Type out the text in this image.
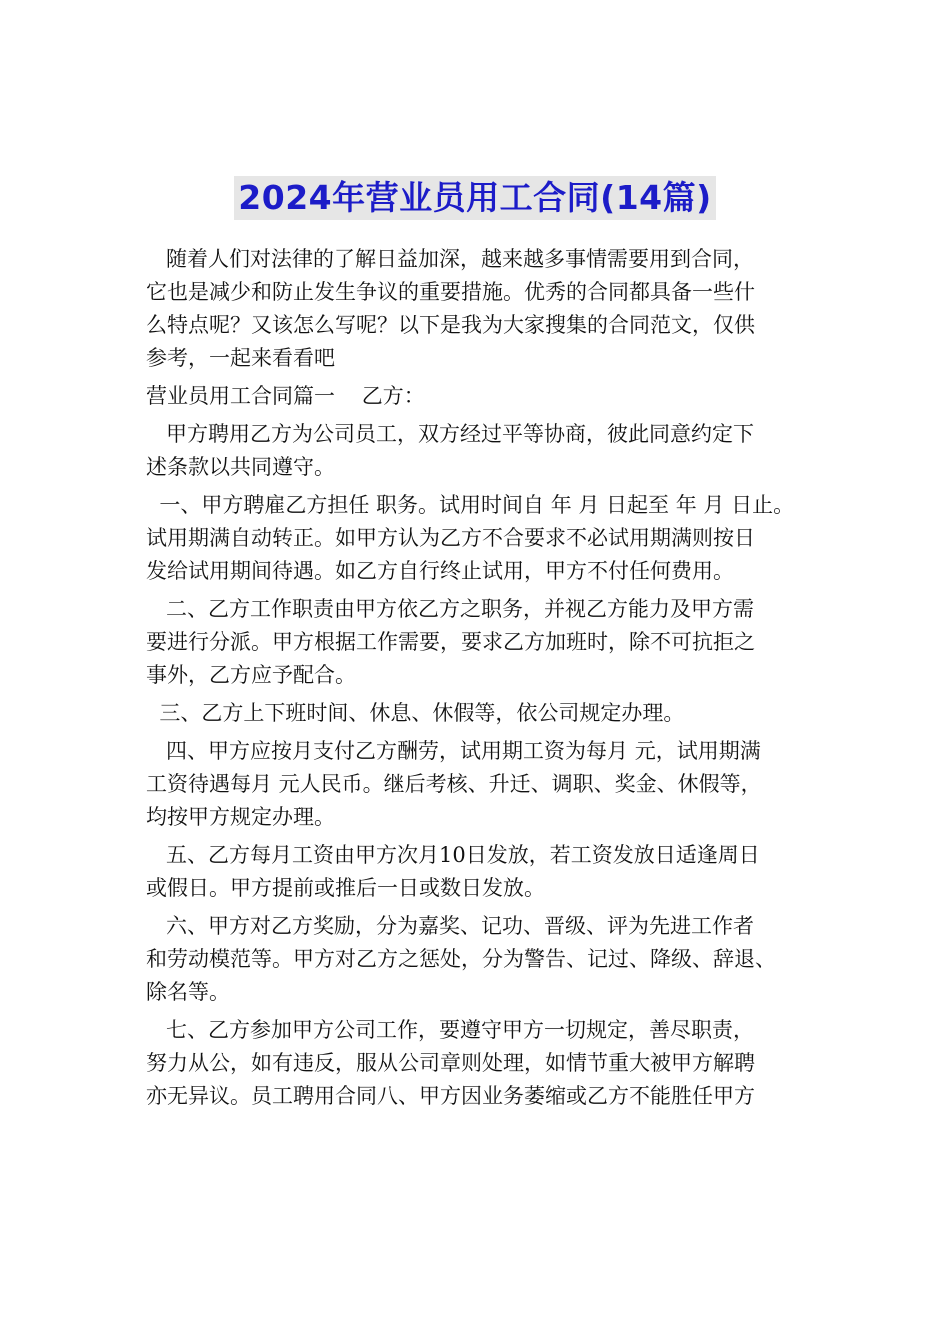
2024年营业员用工合同(14篇)
随着人们对法律的了解日益加深，越来越多事情需要用到合同，
它也是减少和防止发生争议的重要措施。优秀的合同都具备一些什
么特点呢？又该怎么写呢？以下是我为大家搜集的合同范文，仅供
参考，一起来看看吧
营业员用工合同篇一    乙方：
甲方聘用乙方为公司员工，双方经过平等协商，彼此同意约定下
述条款以共同遵守。
一、甲方聘雇乙方担任 职务。试用时间自 年 月 日起至 年 月 日止。
试用期满自动转正。如甲方认为乙方不合要求不必试用期满则按日
发给试用期间待遇。如乙方自行终止试用，甲方不付任何费用。
二、乙方工作职责由甲方依乙方之职务，并视乙方能力及甲方需
要进行分派。甲方根据工作需要，要求乙方加班时，除不可抗拒之
事外，乙方应予配合。
三、乙方上下班时间、休息、休假等，依公司规定办理。
四、甲方应按月支付乙方酬劳，试用期工资为每月 元，试用期满
工资待遇每月 元人民币。继后考核、升迁、调职、奖金、休假等，
均按甲方规定办理。
五、乙方每月工资由甲方次月10日发放，若工资发放日适逢周日
或假日。甲方提前或推后一日或数日发放。
六、甲方对乙方奖励，分为嘉奖、记功、晋级、评为先进工作者
和劳动模范等。甲方对乙方之惩处，分为警告、记过、降级、辞退、
除名等。
七、乙方参加甲方公司工作，要遵守甲方一切规定，善尽职责，
努力从公，如有违反，服从公司章则处理，如情节重大被甲方解聘
亦无异议。员工聘用合同八、甲方因业务萎缩或乙方不能胜任甲方
